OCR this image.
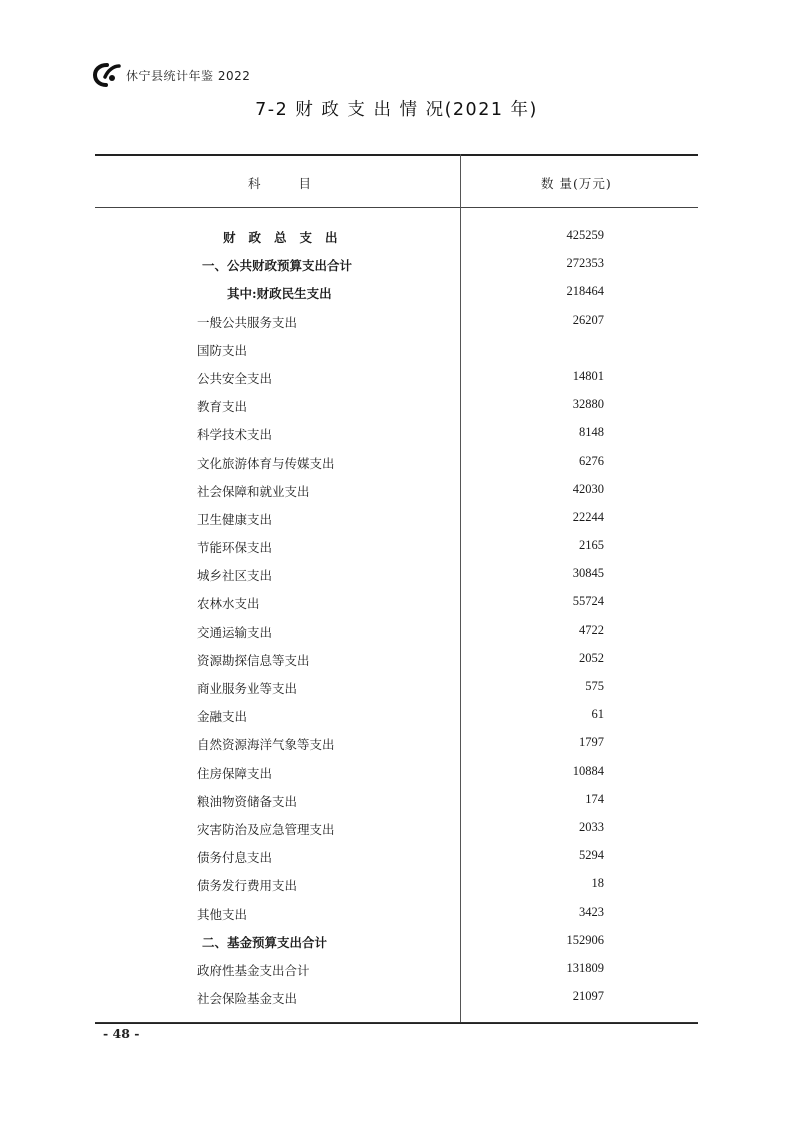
休宁县统计年鉴 2022
7-2 财 政 支 出 情 况(2021 年)
科目	数 量(万元)
财政总支出	425259
一、公共财政预算支出合计	272353
其中:财政民生支出	218464
一般公共服务支出	26207
国防支出
公共安全支出	14801
教育支出	32880
科学技术支出	8148
文化旅游体育与传媒支出	6276
社会保障和就业支出	42030
卫生健康支出	22244
节能环保支出	2165
城乡社区支出	30845
农林水支出	55724
交通运输支出	4722
资源勘探信息等支出	2052
商业服务业等支出	575
金融支出	61
自然资源海洋气象等支出	1797
住房保障支出	10884
粮油物资储备支出	174
灾害防治及应急管理支出	2033
债务付息支出	5294
债务发行费用支出	18
其他支出	3423
二、基金预算支出合计	152906
政府性基金支出合计	131809
社会保险基金支出	21097
- 48 -
